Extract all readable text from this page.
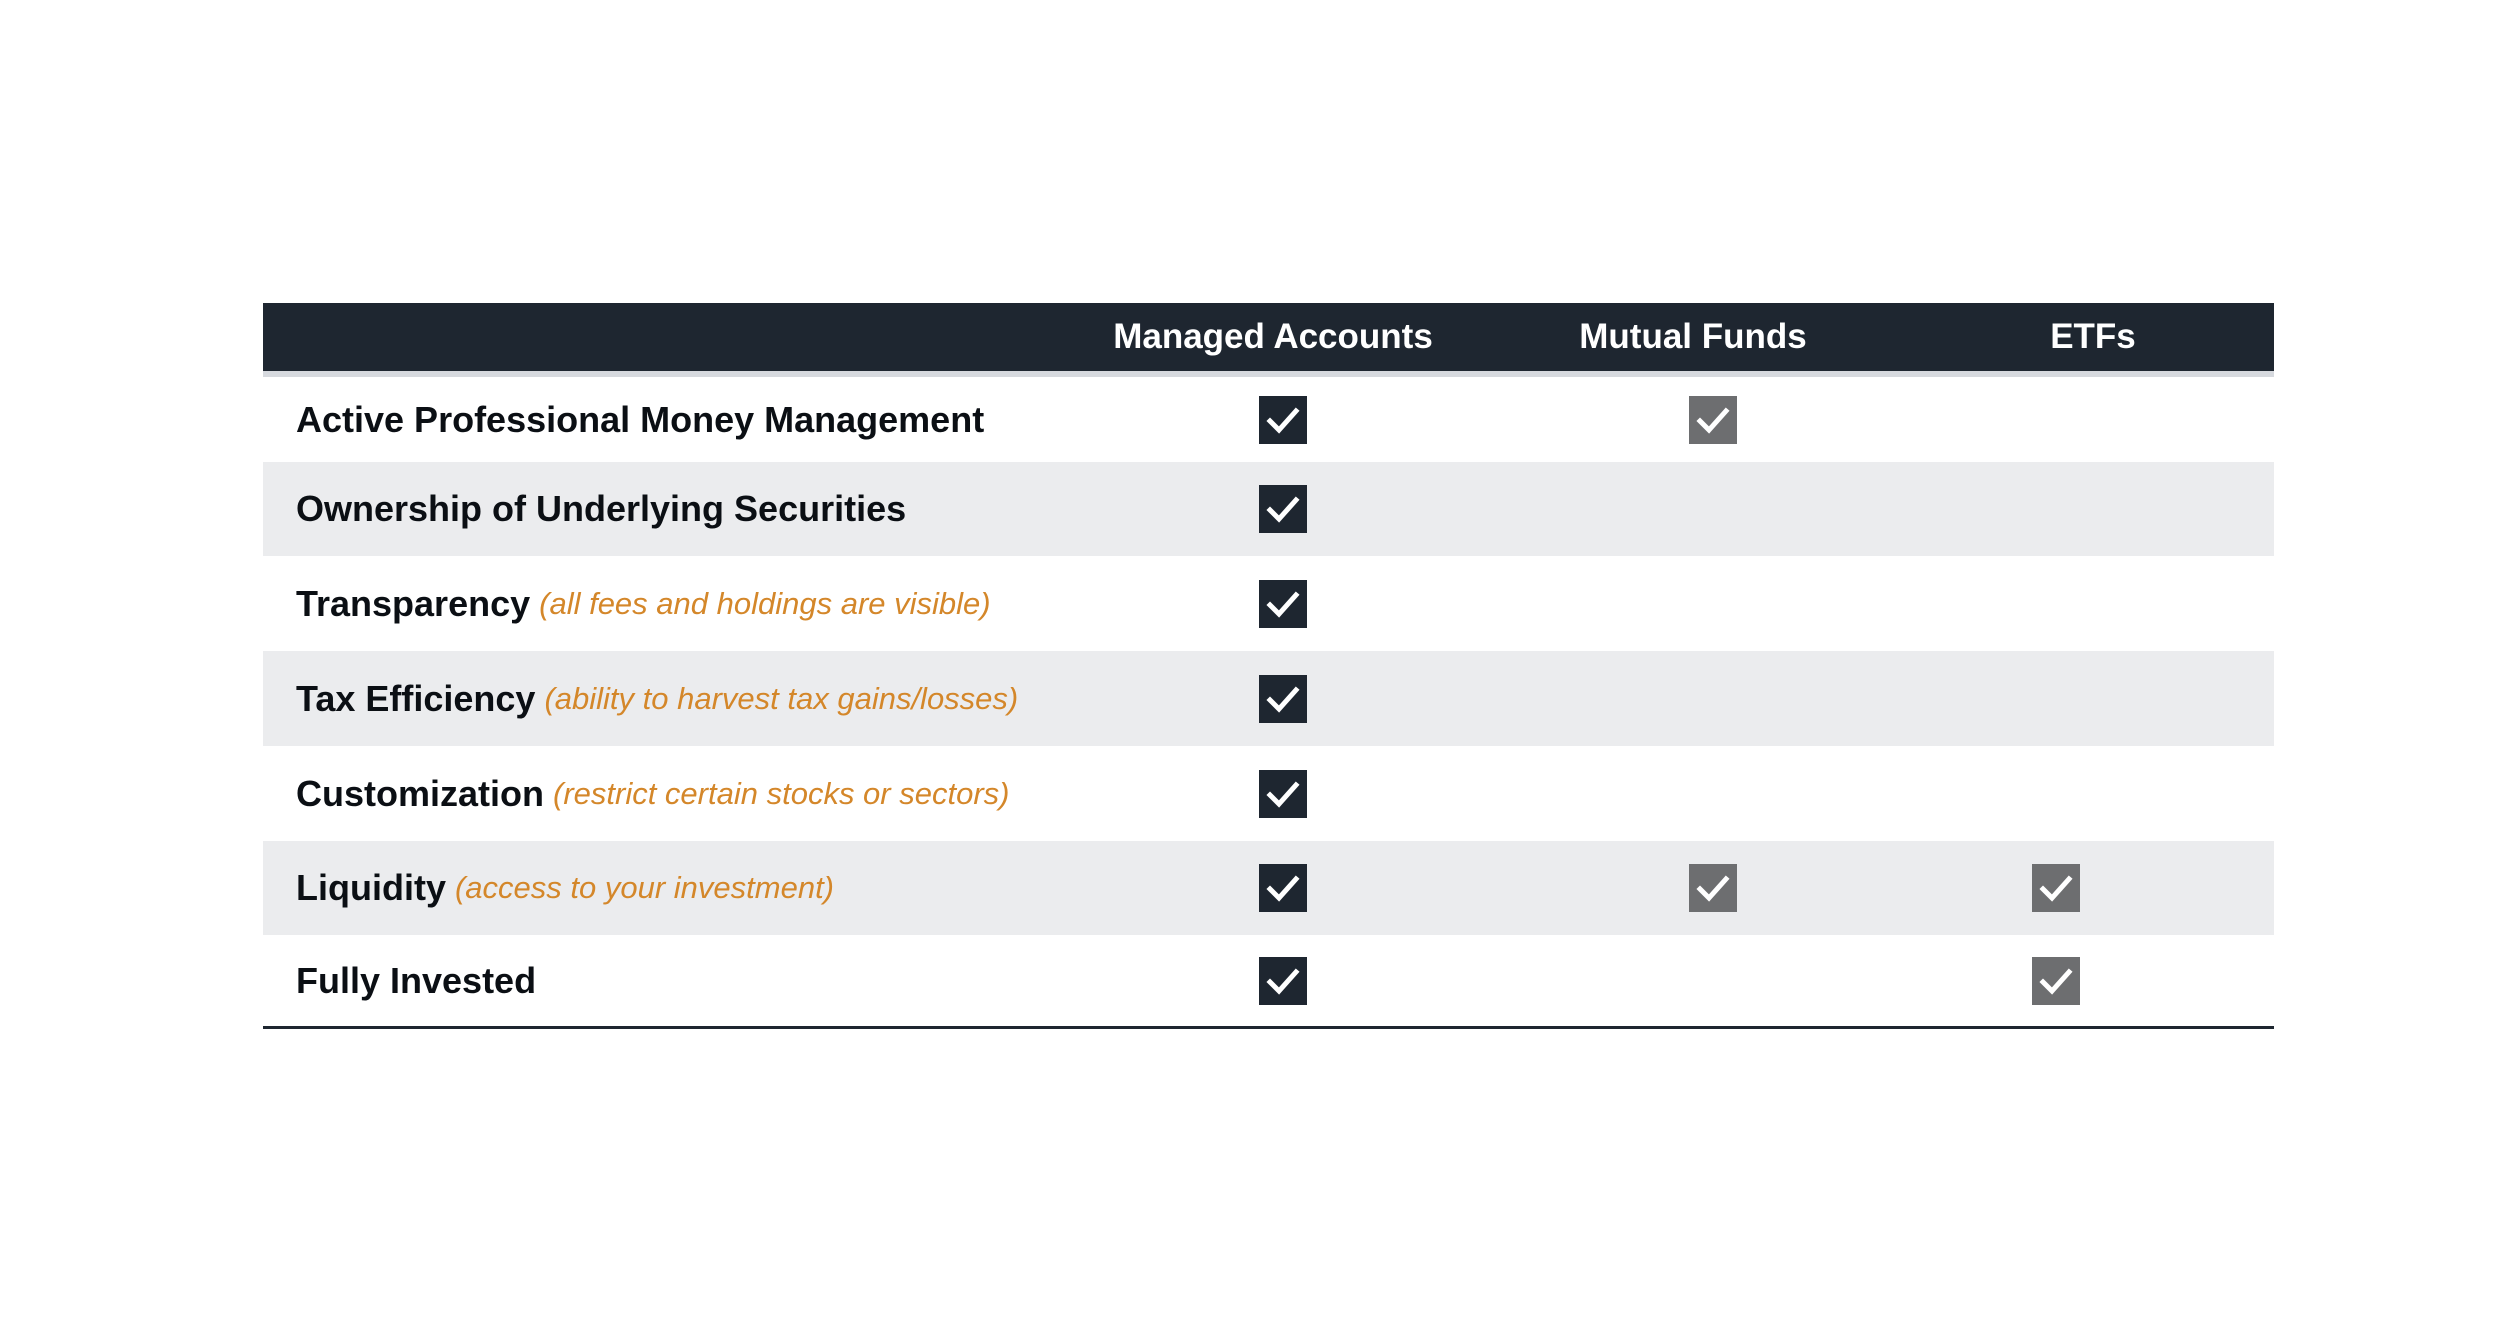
Managed Accounts	Mutual Funds	ETFs
Active Professional Money Management
Ownership of Underlying Securities
Transparency (all fees and holdings are visible)
Tax Efficiency (ability to harvest tax gains/losses)
Customization (restrict certain stocks or sectors)
Liquidity (access to your investment)
Fully Invested
